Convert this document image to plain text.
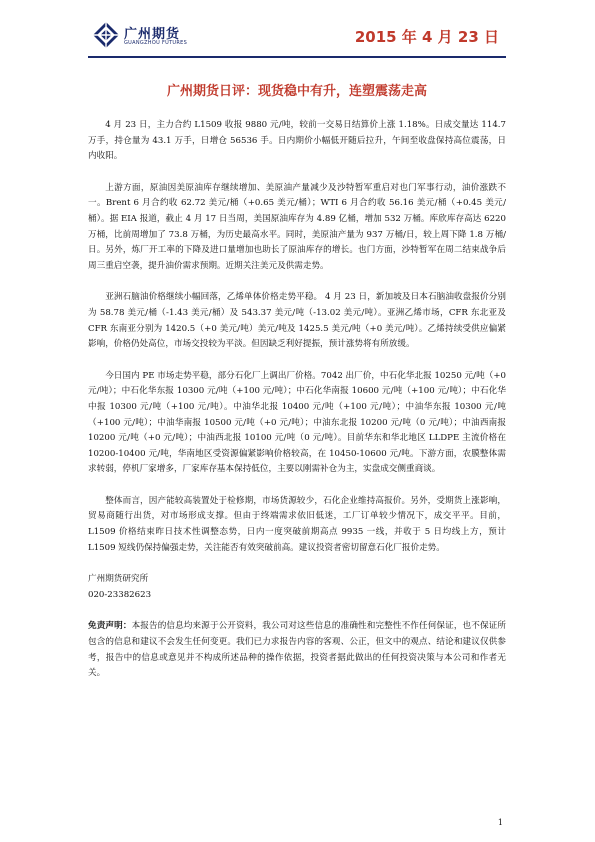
广州期货
GUANGZHOU FUTURES	2015 年 4 月 23 日
广州期货日评：现货稳中有升，连塑震荡走高

4 月 23 日，主力合约 L1509 收报 9880 元/吨，较前一交易日结算价上涨 1.18%。日成交量达 114.7 万手，持仓量为 43.1 万手，日增仓 56536 手。日内期价小幅低开随后拉升，午间至收盘保持高位震荡，日内收阳。

上游方面，原油因美原油库存继续增加、美原油产量减少及沙特暂军重启对也门军事行动，油价涨跌不一。Brent 6 月合约收 62.72 美元/桶（+0.65 美元/桶）；WTI 6 月合约收 56.16 美元/桶（+0.45 美元/桶）。据 EIA 报道，截止 4 月 17 日当周，美国原油库存为 4.89 亿桶，增加 532 万桶。库欣库存高达 6220 万桶，比前周增加了 73.8 万桶，为历史最高水平。同时，美原油产量为 937 万桶/日，较上周下降 1.8 万桶/日。另外，炼厂开工率的下降及进口量增加也助长了原油库存的增长。也门方面，沙特暂军在周二结束战争后周三重启空袭，提升油价需求预期。近期关注美元及供需走势。

亚洲石脑油价格继续小幅回落，乙烯单体价格走势平稳。 4 月 23 日，新加坡及日本石脑油收盘报价分别为 58.78 美元/桶（-1.43 美元/桶）及 543.37 美元/吨（-13.02 美元/吨）。亚洲乙烯市场，CFR 东北亚及 CFR 东南亚分别为 1420.5（+0 美元/吨）美元/吨及 1425.5 美元/吨（+0 美元/吨）。乙烯持续受供应偏紧影响，价格仍处高位，市场交投较为平淡。但因缺乏利好提振，预计涨势将有所放缓。

今日国内 PE 市场走势平稳，部分石化厂上调出厂价格。7042 出厂价，中石化华北报 10250 元/吨（+0 元/吨）；中石化华东报 10300 元/吨（+100 元/吨）；中石化华南报 10600 元/吨（+100 元/吨）；中石化华中报 10300 元/吨（+100 元/吨）。中油华北报 10400 元/吨（+100 元/吨）；中油华东报 10300 元/吨（+100 元/吨）；中油华南报 10500 元/吨（+0 元/吨）；中油东北报 10200 元/吨（0 元/吨）；中油西南报 10200 元/吨（+0 元/吨）；中油西北报 10100 元/吨（0 元/吨）。目前华东和华北地区 LLDPE 主流价格在 10200-10400 元/吨，华南地区受资源偏紧影响价格较高，在 10450-10600 元/吨。下游方面，农膜整体需求转弱，停机厂家增多，厂家库存基本保持低位，主要以刚需补仓为主，实盘成交侧重商谈。

整体而言，因产能较高装置处于检修期，市场货源较少，石化企业维持高报价。另外，受期货上涨影响，贸易商随行出货，对市场形成支撑。但由于终端需求依旧低迷，工厂订单较少情况下，成交平平。目前，L1509 价格结束昨日技术性调整态势，日内一度突破前期高点 9935 一线，并收于 5 日均线上方，预计 L1509 短线仍保持偏强走势，关注能否有效突破前高。建议投资者密切留意石化厂报价走势。

广州期货研究所

020-23382623

免责声明：本报告的信息均来源于公开资料，我公司对这些信息的准确性和完整性不作任何保证，也不保证所包含的信息和建议不会发生任何变更。我们已力求报告内容的客观、公正，但文中的观点、结论和建议仅供参考，报告中的信息或意见并不构成所述品种的操作依据，投资者据此做出的任何投资决策与本公司和作者无关。

1
